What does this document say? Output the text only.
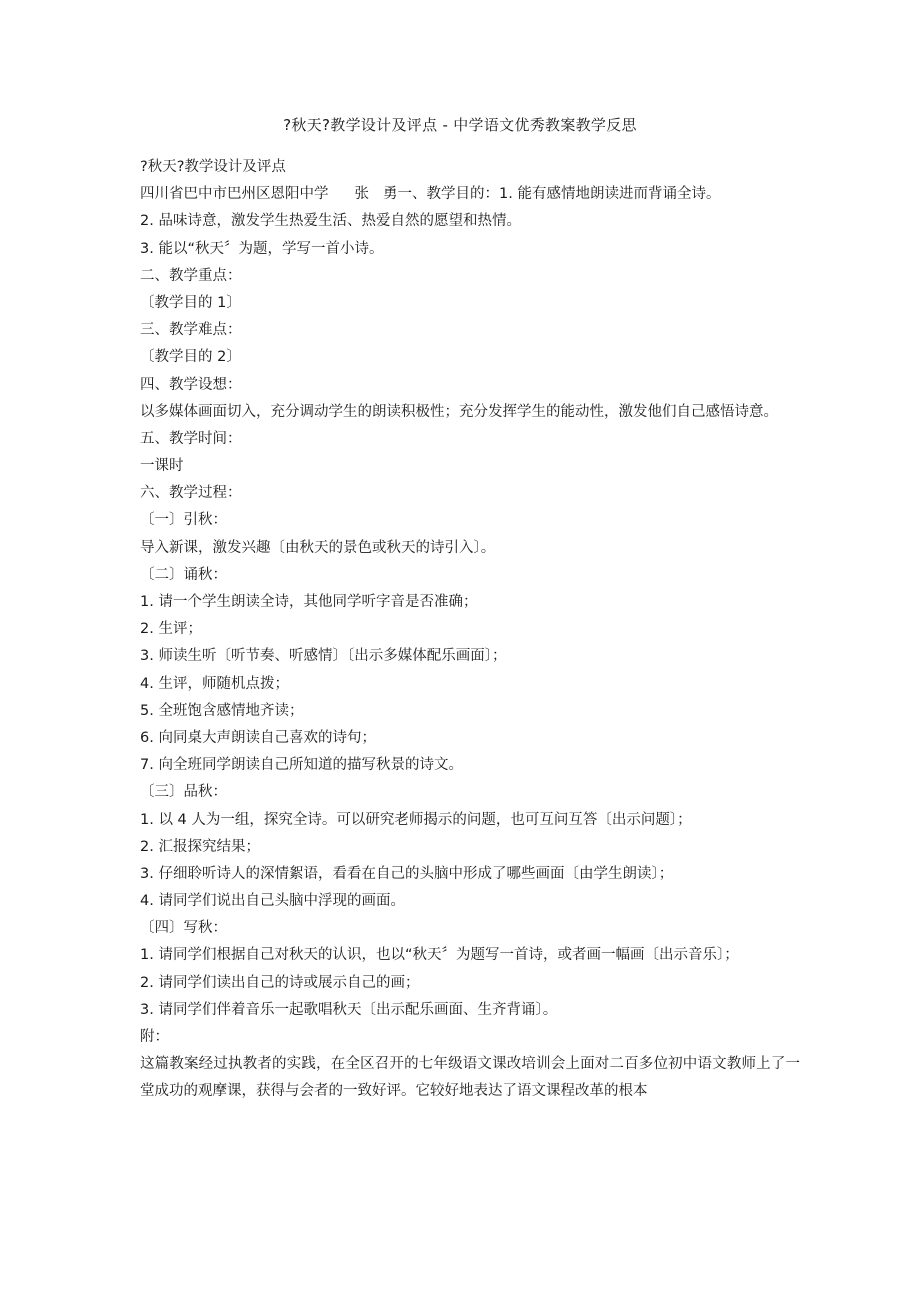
?秋天?教学设计及评点 - 中学语文优秀教案教学反思
?秋天?教学设计及评点
四川省巴中市巴州区恩阳中学 张 勇一、教学目的：1. 能有感情地朗读进而背诵全诗。
2. 品味诗意，激发学生热爱生活、热爱自然的愿望和热情。
3. 能以“秋天〞为题，学写一首小诗。
二、教学重点：
〔教学目的 1〕
三、教学难点：
〔教学目的 2〕
四、教学设想：
以多媒体画面切入，充分调动学生的朗读积极性；充分发挥学生的能动性，激发他们自己感悟诗意。
五、教学时间：
一课时
六、教学过程：
〔一〕引秋：
导入新课，激发兴趣〔由秋天的景色或秋天的诗引入〕。
〔二〕诵秋：
1. 请一个学生朗读全诗，其他同学听字音是否准确；
2. 生评；
3. 师读生听〔听节奏、听感情〕〔出示多媒体配乐画面〕；
4. 生评，师随机点拨；
5. 全班饱含感情地齐读；
6. 向同桌大声朗读自己喜欢的诗句；
7. 向全班同学朗读自己所知道的描写秋景的诗文。
〔三〕品秋：
1. 以 4 人为一组，探究全诗。可以研究老师揭示的问题，也可互问互答〔出示问题〕；
2. 汇报探究结果；
3. 仔细聆听诗人的深情絮语，看看在自己的头脑中形成了哪些画面〔由学生朗读〕；
4. 请同学们说出自己头脑中浮现的画面。
〔四〕写秋：
1. 请同学们根据自己对秋天的认识，也以“秋天〞为题写一首诗，或者画一幅画〔出示音乐〕；
2. 请同学们读出自己的诗或展示自己的画；
3. 请同学们伴着音乐一起歌唱秋天〔出示配乐画面、生齐背诵〕。
附：
这篇教案经过执教者的实践，在全区召开的七年级语文课改培训会上面对二百多位初中语文教师上了一堂成功的观摩课，获得与会者的一致好评。它较好地表达了语文课程改革的根本
